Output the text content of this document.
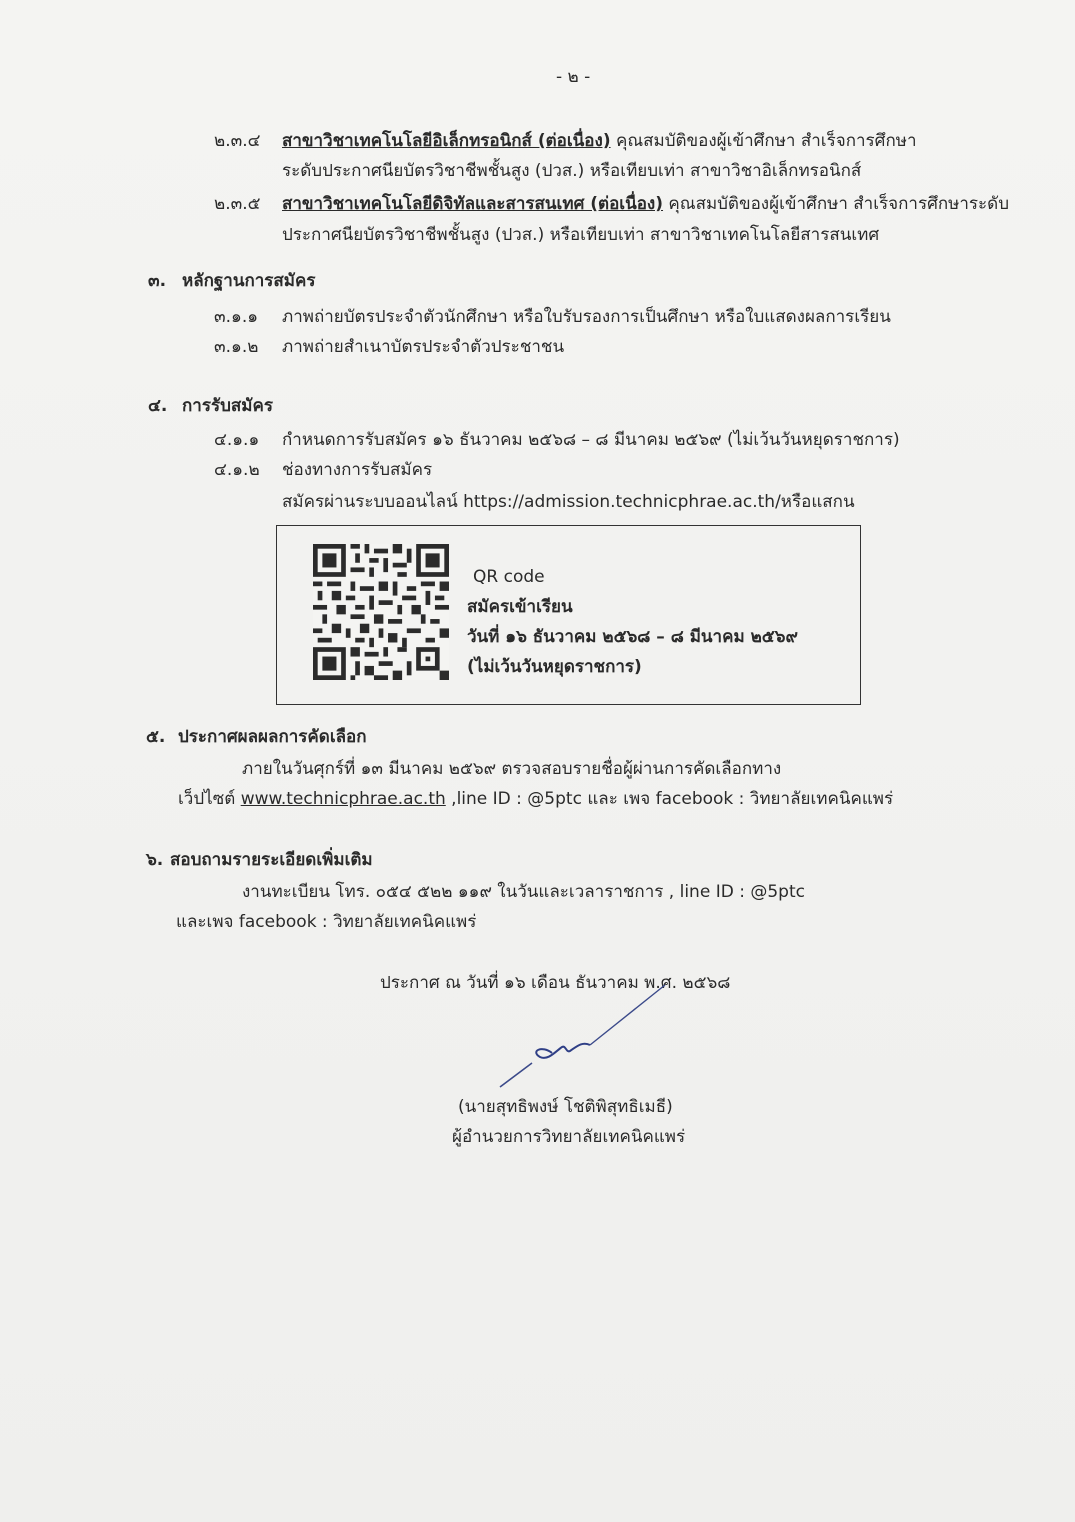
- ๒ -
๒.๓.๔ สาขาวิชาเทคโนโลยีอิเล็กทรอนิกส์ (ต่อเนื่อง) คุณสมบัติของผู้เข้าศึกษา สำเร็จการศึกษา
ระดับประกาศนียบัตรวิชาชีพชั้นสูง (ปวส.) หรือเทียบเท่า สาขาวิชาอิเล็กทรอนิกส์
๒.๓.๕ สาขาวิชาเทคโนโลยีดิจิทัลและสารสนเทศ (ต่อเนื่อง) คุณสมบัติของผู้เข้าศึกษา สำเร็จการศึกษาระดับ
ประกาศนียบัตรวิชาชีพชั้นสูง (ปวส.) หรือเทียบเท่า สาขาวิชาเทคโนโลยีสารสนเทศ
๓. หลักฐานการสมัคร
๓.๑.๑ ภาพถ่ายบัตรประจำตัวนักศึกษา หรือใบรับรองการเป็นศึกษา หรือใบแสดงผลการเรียน
๓.๑.๒ ภาพถ่ายสำเนาบัตรประจำตัวประชาชน
๔. การรับสมัคร
๔.๑.๑ กำหนดการรับสมัคร ๑๖ ธันวาคม ๒๕๖๘ – ๘ มีนาคม ๒๕๖๙ (ไม่เว้นวันหยุดราชการ)
๔.๑.๒ ช่องทางการรับสมัคร
สมัครผ่านระบบออนไลน์ https://admission.technicphrae.ac.th/หรือแสกน
QR code
สมัครเข้าเรียน
วันที่ ๑๖ ธันวาคม ๒๕๖๘ – ๘ มีนาคม ๒๕๖๙
(ไม่เว้นวันหยุดราชการ)
๕. ประกาศผลผลการคัดเลือก
ภายในวันศุกร์ที่ ๑๓ มีนาคม ๒๕๖๙ ตรวจสอบรายชื่อผู้ผ่านการคัดเลือกทาง
เว็ปไซต์ www.technicphrae.ac.th ,line ID : @5ptc และ เพจ facebook : วิทยาลัยเทคนิคแพร่
๖. สอบถามรายระเอียดเพิ่มเติม
งานทะเบียน โทร. ๐๕๔ ๕๒๒ ๑๑๙ ในวันและเวลาราชการ , line ID : @5ptc
และเพจ facebook : วิทยาลัยเทคนิคแพร่
ประกาศ ณ วันที่ ๑๖ เดือน ธันวาคม พ.ศ. ๒๕๖๘
(นายสุทธิพงษ์ โชติพิสุทธิเมธี)
ผู้อำนวยการวิทยาลัยเทคนิคแพร่
